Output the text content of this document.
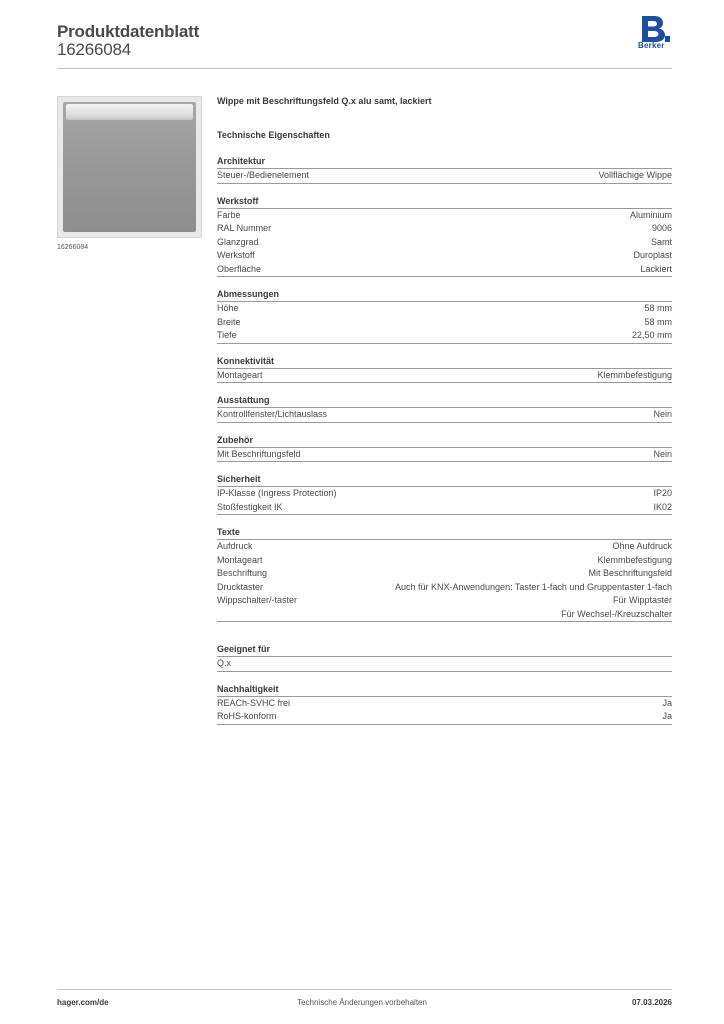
Produktdatenblatt
16266084	Berker
16266084
Wippe mit Beschriftungsfeld Q.x alu samt, lackiert
Technische Eigenschaften
Architektur
Steuer-/Bedienelement	Vollflächige Wippe
Werkstoff
Farbe	Aluminium
RAL Nummer	9006
Glanzgrad	Samt
Werkstoff	Duroplast
Oberfläche	Lackiert
Abmessungen
Höhe	58 mm
Breite	58 mm
Tiefe	22,50 mm
Konnektivität
Montageart	Klemmbefestigung
Ausstattung
Kontrollfenster/Lichtauslass	Nein
Zubehör
Mit Beschriftungsfeld	Nein
Sicherheit
IP-Klasse (Ingress Protection)	IP20
Stoßfestigkeit IK	IK02
Texte
Aufdruck	Ohne Aufdruck
Montageart	Klemmbefestigung
Beschriftung	Mit Beschriftungsfeld
Drucktaster	Auch für KNX-Anwendungen: Taster 1-fach und Gruppentaster 1-fach
Wippschalter/-taster	Für Wipptaster
Für Wechsel-/Kreuzschalter
Geeignet für
Q.x
Nachhaltigkeit
REACh-SVHC frei	Ja
RoHS-konform	Ja
Technische Änderungen vorbehalten
hager.com/de	07.03.2026
